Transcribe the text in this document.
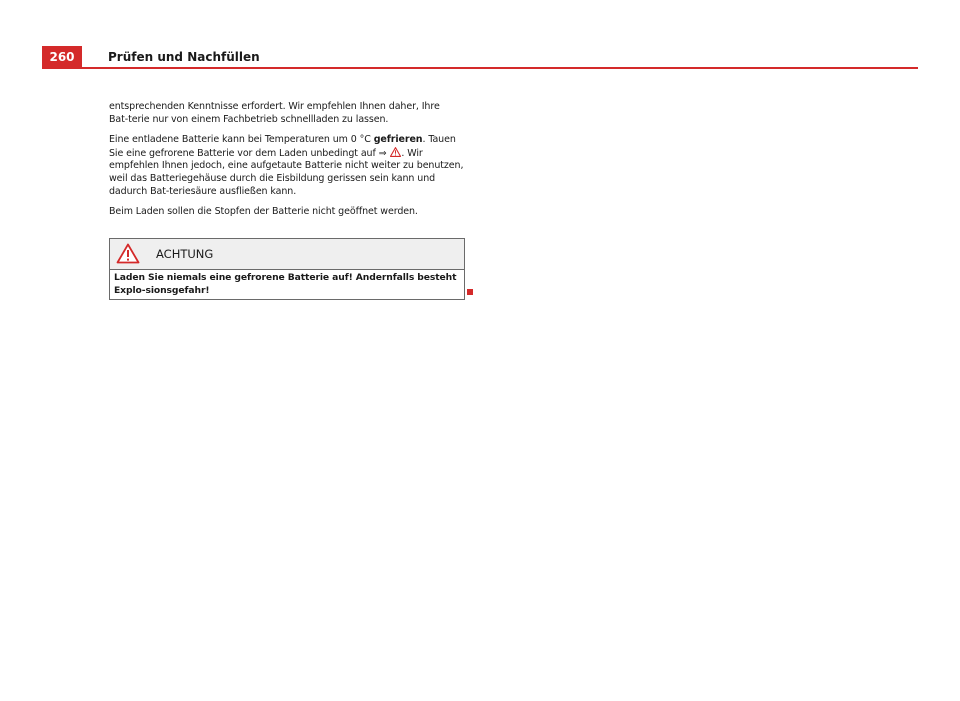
260	Prüfen und Nachfüllen

entsprechenden Kenntnisse erfordert. Wir empfehlen Ihnen daher, Ihre Bat-terie nur von einem Fachbetrieb schnellladen zu lassen.

Eine entladene Batterie kann bei Temperaturen um 0 °C gefrieren. Tauen Sie eine gefrorene Batterie vor dem Laden unbedingt auf ⇒ . Wir empfehlen Ihnen jedoch, eine aufgetaute Batterie nicht weiter zu benutzen, weil das Batteriegehäuse durch die Eisbildung gerissen sein kann und dadurch Bat-teriesäure ausfließen kann.

Beim Laden sollen die Stopfen der Batterie nicht geöffnet werden.

ACHTUNG
Laden Sie niemals eine gefrorene Batterie auf! Andernfalls besteht Explo-sionsgefahr!
